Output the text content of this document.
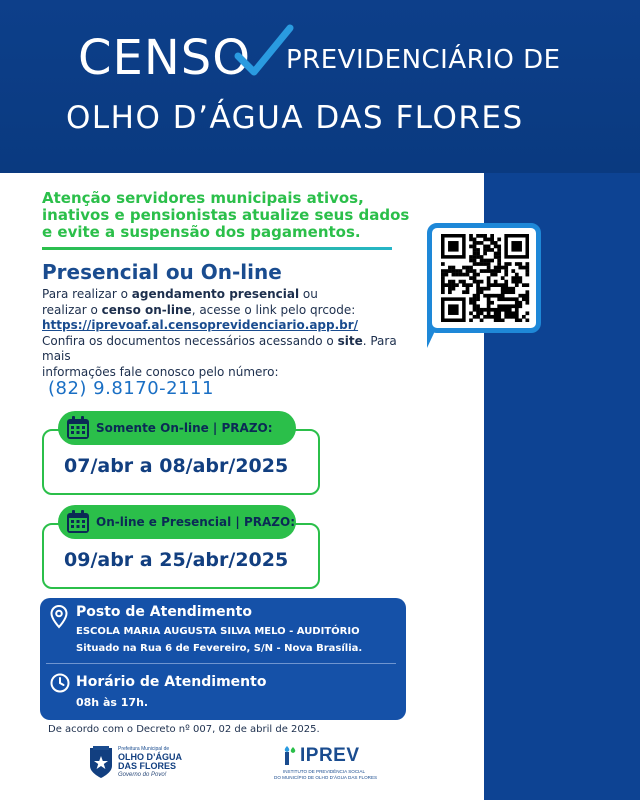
CENSO PREVIDENCIÁRIO DE
OLHO D’ÁGUA DAS FLORES
Atenção servidores municipais ativos, inativos e pensionistas atualize seus dados e evite a suspensão dos pagamentos.
Presencial ou On-line
Para realizar o agendamento presencial ou
realizar o censo on-line, acesse o link pelo qrcode:
https://iprevoaf.al.censoprevidenciario.app.br/
Confira os documentos necessários acessando o site. Para mais
informações fale conosco pelo número:
(82) 9.8170-2111
07/abr a 08/abr/2025
Somente On-line | PRAZO:
09/abr a 25/abr/2025
On-line e Presencial | PRAZO:
Posto de Atendimento
ESCOLA MARIA AUGUSTA SILVA MELO - AUDITÓRIO
Situado na Rua 6 de Fevereiro, S/N - Nova Brasília.
Horário de Atendimento
08h às 17h.
De acordo com o Decreto nº 007, 02 de abril de 2025.
Prefeitura Municipal de
OLHO D’ÁGUA
DAS FLORES
Governo do Povo!
IPREV
INSTITUTO DE PREVIDÊNCIA SOCIAL
DO MUNICÍPIO DE OLHO D’ÁGUA DAS FLORES
